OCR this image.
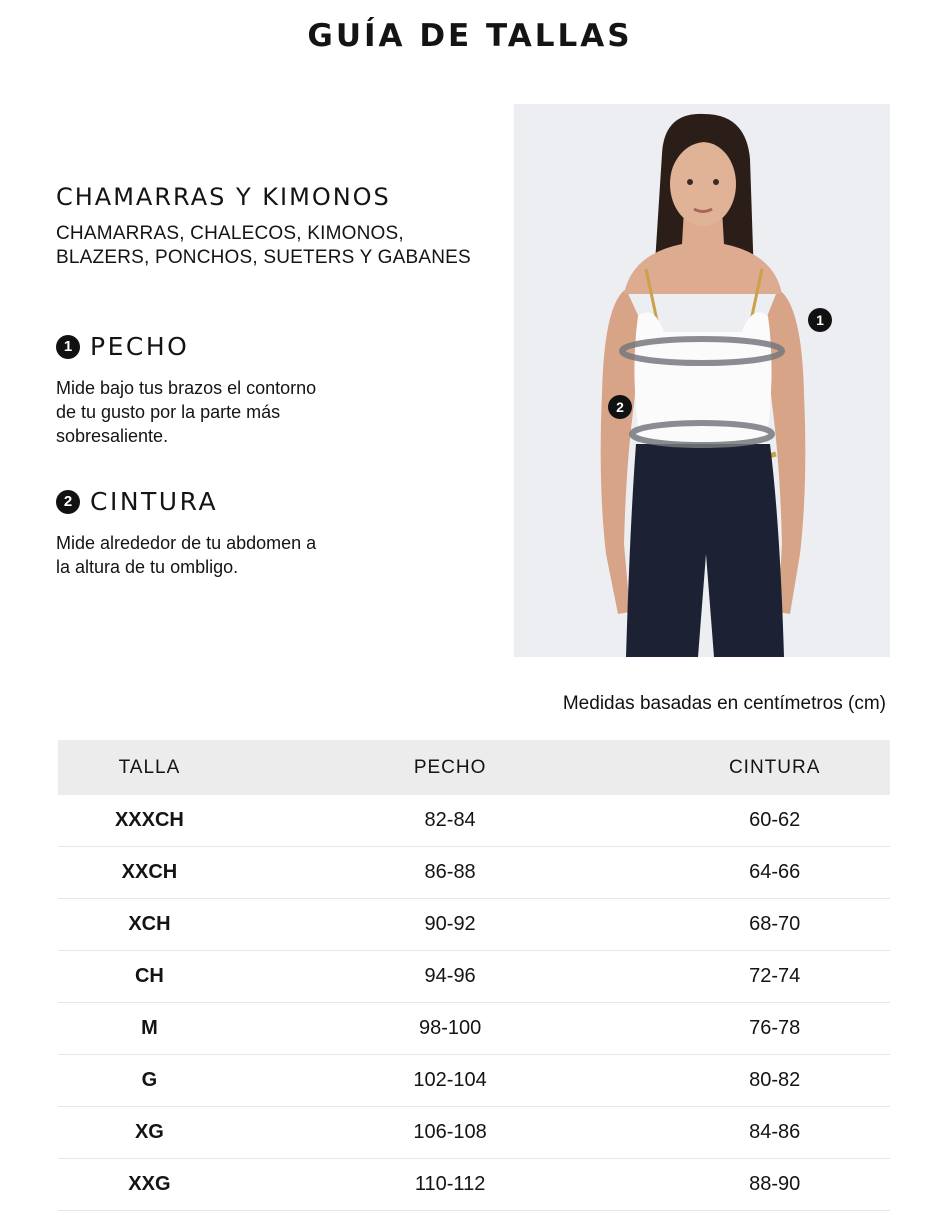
GUÍA DE TALLAS
CHAMARRAS Y KIMONOS
CHAMARRAS, CHALECOS, KIMONOS,
BLAZERS, PONCHOS, SUETERS Y GABANES
1 PECHO
Mide bajo tus brazos el contorno
de tu gusto por la parte más
sobresaliente.
2 CINTURA
Mide alrededor de tu abdomen a
la altura de tu ombligo.
1
2
Medidas basadas en centímetros (cm)
TALLA	PECHO	CINTURA
XXXCH	82-84	60-62
XXCH	86-88	64-66
XCH	90-92	68-70
CH	94-96	72-74
M	98-100	76-78
G	102-104	80-82
XG	106-108	84-86
XXG	110-112	88-90
